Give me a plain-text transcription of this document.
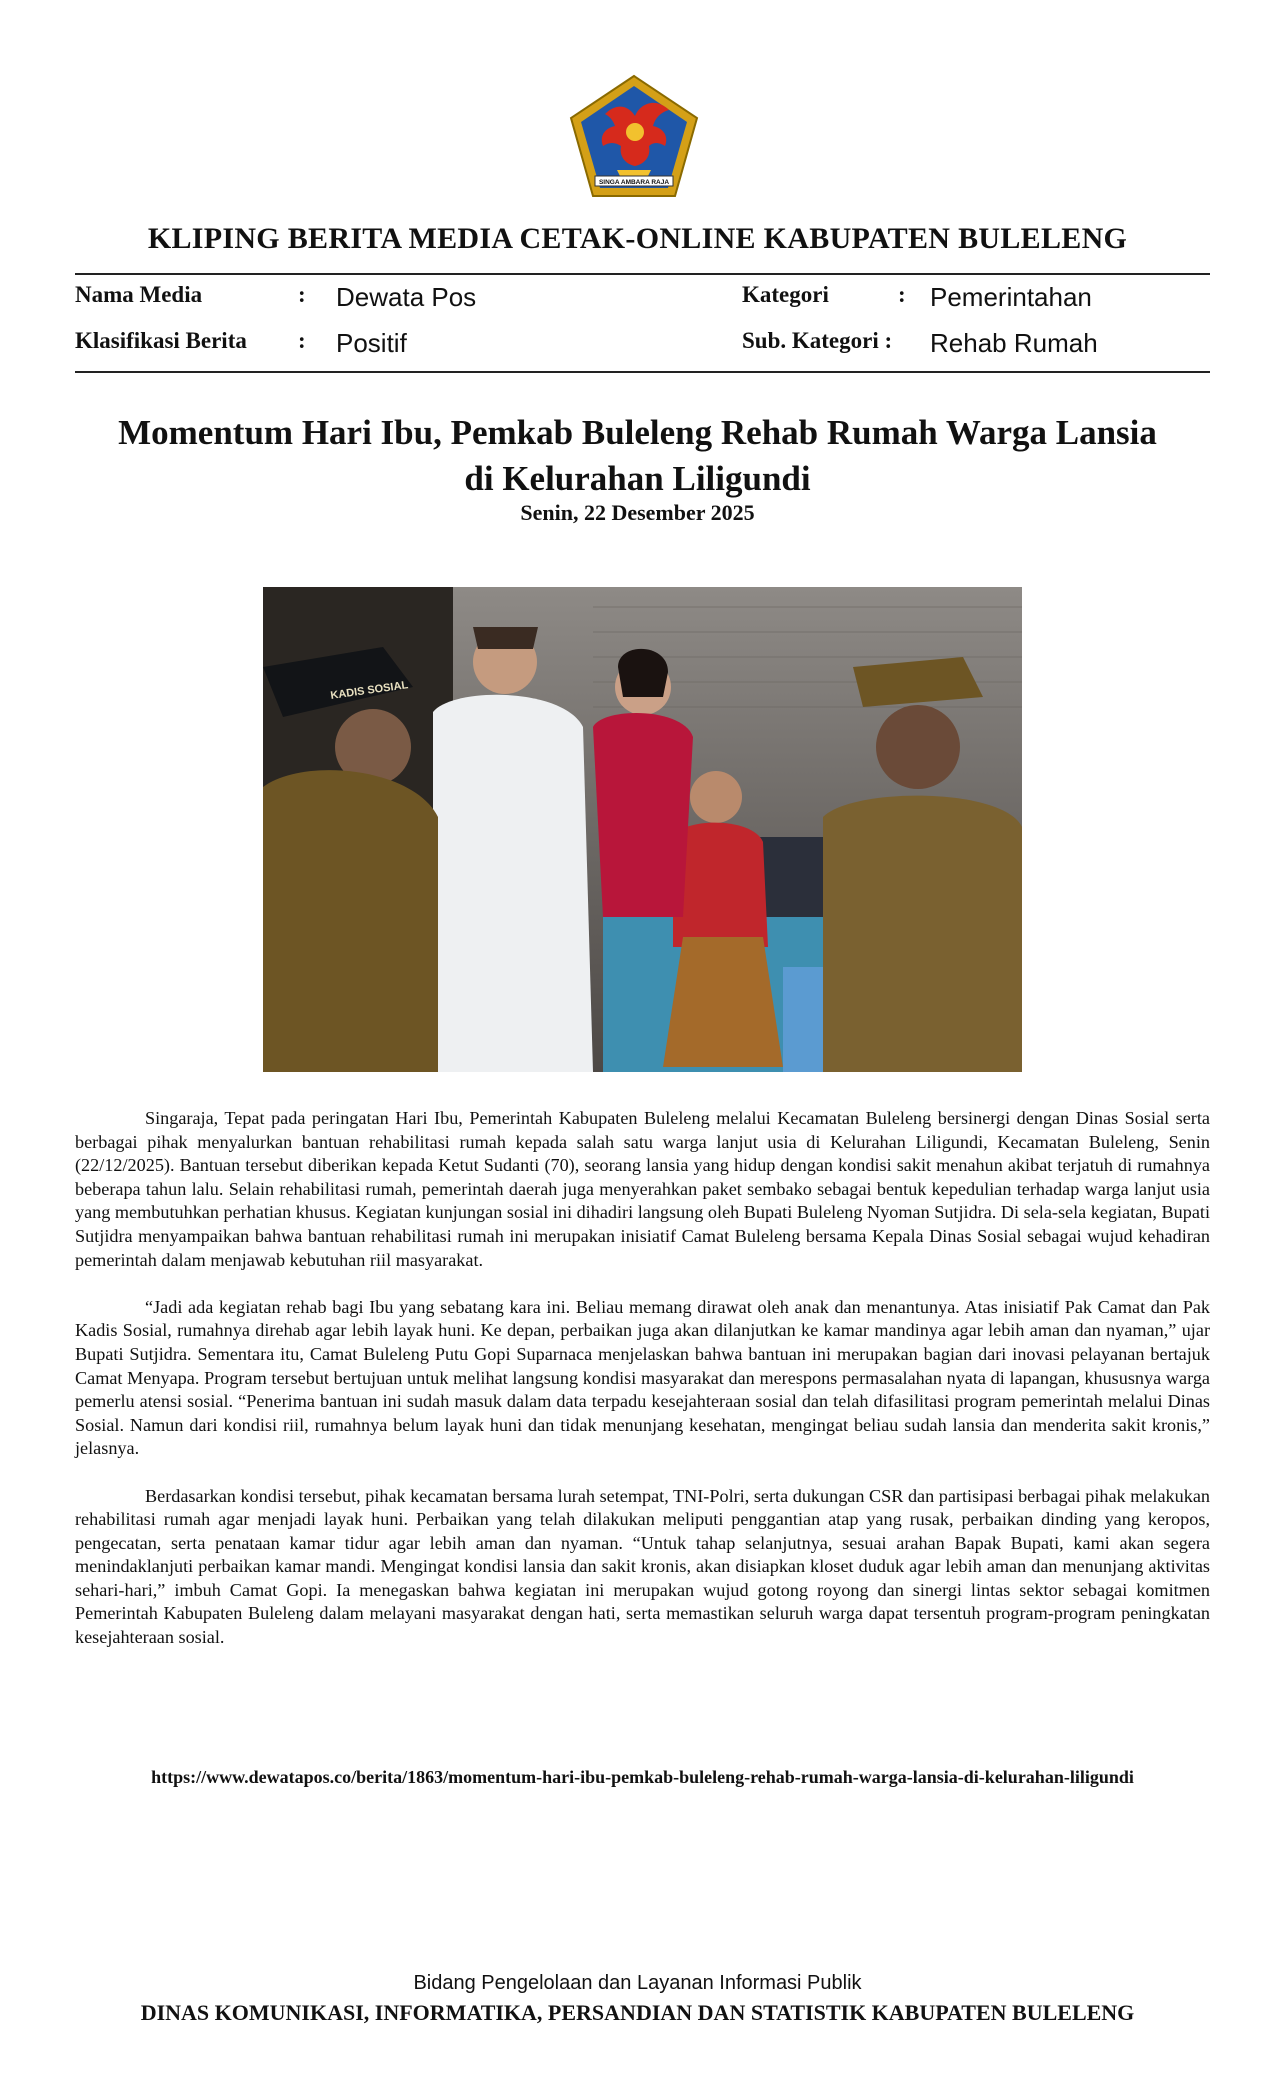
SINGA AMBARA RAJA
KLIPING BERITA MEDIA CETAK-ONLINE KABUPATEN BULELENG
Nama Media	: Dewata Pos
Klasifikasi Berita : Positif
Kategori	: Pemerintahan
Sub. Kategori : Rehab Rumah
Momentum Hari Ibu, Pemkab Buleleng Rehab Rumah Warga Lansia
di Kelurahan Liligundi
Senin, 22 Desember 2025
KADIS SOSIAL

Singaraja, Tepat pada peringatan Hari Ibu, Pemerintah Kabupaten Buleleng melalui Kecamatan Buleleng bersinergi dengan Dinas Sosial serta berbagai pihak menyalurkan bantuan rehabilitasi rumah kepada salah satu warga lanjut usia di Kelurahan Liligundi, Kecamatan Buleleng, Senin (22/12/2025). Bantuan tersebut diberikan kepada Ketut Sudanti (70), seorang lansia yang hidup dengan kondisi sakit menahun akibat terjatuh di rumahnya beberapa tahun lalu. Selain rehabilitasi rumah, pemerintah daerah juga menyerahkan paket sembako sebagai bentuk kepedulian terhadap warga lanjut usia yang membutuhkan perhatian khusus. Kegiatan kunjungan sosial ini dihadiri langsung oleh Bupati Buleleng Nyoman Sutjidra. Di sela-sela kegiatan, Bupati Sutjidra menyampaikan bahwa bantuan rehabilitasi rumah ini merupakan inisiatif Camat Buleleng bersama Kepala Dinas Sosial sebagai wujud kehadiran pemerintah dalam menjawab kebutuhan riil masyarakat.

“Jadi ada kegiatan rehab bagi Ibu yang sebatang kara ini. Beliau memang dirawat oleh anak dan menantunya. Atas inisiatif Pak Camat dan Pak Kadis Sosial, rumahnya direhab agar lebih layak huni. Ke depan, perbaikan juga akan dilanjutkan ke kamar mandinya agar lebih aman dan nyaman,” ujar Bupati Sutjidra. Sementara itu, Camat Buleleng Putu Gopi Suparnaca menjelaskan bahwa bantuan ini merupakan bagian dari inovasi pelayanan bertajuk Camat Menyapa. Program tersebut bertujuan untuk melihat langsung kondisi masyarakat dan merespons permasalahan nyata di lapangan, khususnya warga pemerlu atensi sosial. “Penerima bantuan ini sudah masuk dalam data terpadu kesejahteraan sosial dan telah difasilitasi program pemerintah melalui Dinas Sosial. Namun dari kondisi riil, rumahnya belum layak huni dan tidak menunjang kesehatan, mengingat beliau sudah lansia dan menderita sakit kronis,” jelasnya.

Berdasarkan kondisi tersebut, pihak kecamatan bersama lurah setempat, TNI-Polri, serta dukungan CSR dan partisipasi berbagai pihak melakukan rehabilitasi rumah agar menjadi layak huni. Perbaikan yang telah dilakukan meliputi penggantian atap yang rusak, perbaikan dinding yang keropos, pengecatan, serta penataan kamar tidur agar lebih aman dan nyaman. “Untuk tahap selanjutnya, sesuai arahan Bapak Bupati, kami akan segera menindaklanjuti perbaikan kamar mandi. Mengingat kondisi lansia dan sakit kronis, akan disiapkan kloset duduk agar lebih aman dan menunjang aktivitas sehari-hari,” imbuh Camat Gopi. Ia menegaskan bahwa kegiatan ini merupakan wujud gotong royong dan sinergi lintas sektor sebagai komitmen Pemerintah Kabupaten Buleleng dalam melayani masyarakat dengan hati, serta memastikan seluruh warga dapat tersentuh program-program peningkatan kesejahteraan sosial.

https://www.dewatapos.co/berita/1863/momentum-hari-ibu-pemkab-buleleng-rehab-rumah-warga-lansia-di-kelurahan-liligundi
Bidang Pengelolaan dan Layanan Informasi Publik
DINAS KOMUNIKASI, INFORMATIKA, PERSANDIAN DAN STATISTIK KABUPATEN BULELENG
